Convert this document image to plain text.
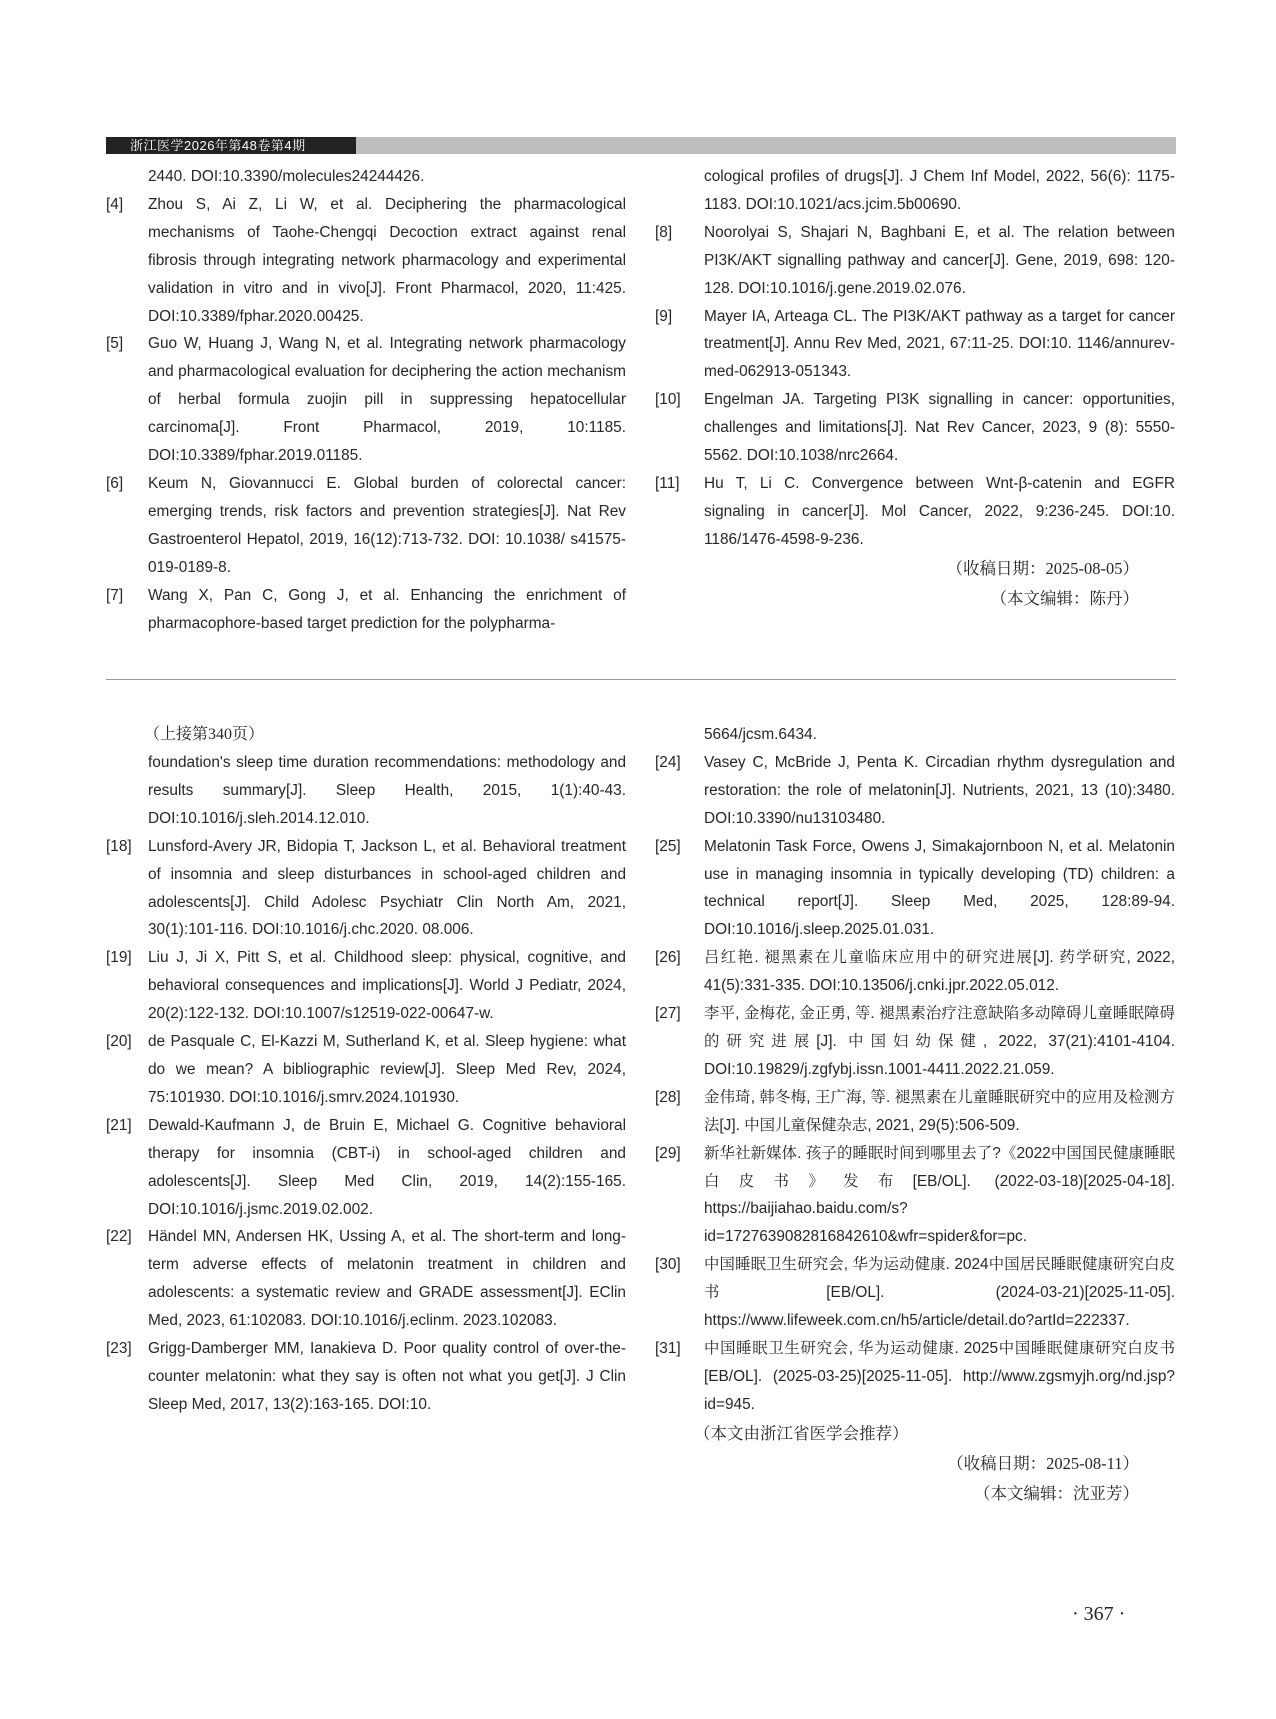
浙江医学2026年第48卷第4期
2440. DOI:10.3390/molecules24244426.
[4] Zhou S, Ai Z, Li W, et al. Deciphering the pharmacological mechanisms of Taohe-Chengqi Decoction extract against renal fibrosis through integrating network pharmacology and experimental validation in vitro and in vivo[J]. Front Pharmacol, 2020, 11:425. DOI:10.3389/fphar.2020.00425.
[5] Guo W, Huang J, Wang N, et al. Integrating network pharmacology and pharmacological evaluation for deciphering the action mechanism of herbal formula zuojin pill in suppressing hepatocellular carcinoma[J]. Front Pharmacol, 2019, 10:1185. DOI:10.3389/fphar.2019.01185.
[6] Keum N, Giovannucci E. Global burden of colorectal cancer: emerging trends, risk factors and prevention strategies[J]. Nat Rev Gastroenterol Hepatol, 2019, 16(12):713-732. DOI: 10.1038/ s41575-019-0189-8.
[7] Wang X, Pan C, Gong J, et al. Enhancing the enrichment of pharmacophore-based target prediction for the polypharma-
cological profiles of drugs[J]. J Chem Inf Model, 2022, 56(6): 1175-1183. DOI:10.1021/acs.jcim.5b00690.
[8] Noorolyai S, Shajari N, Baghbani E, et al. The relation between PI3K/AKT signalling pathway and cancer[J]. Gene, 2019, 698: 120-128. DOI:10.1016/j.gene.2019.02.076.
[9] Mayer IA, Arteaga CL. The PI3K/AKT pathway as a target for cancer treatment[J]. Annu Rev Med, 2021, 67:11-25. DOI:10. 1146/annurev-med-062913-051343.
[10] Engelman JA. Targeting PI3K signalling in cancer: opportunities, challenges and limitations[J]. Nat Rev Cancer, 2023, 9 (8): 5550-5562. DOI:10.1038/nrc2664.
[11] Hu T, Li C. Convergence between Wnt-β-catenin and EGFR signaling in cancer[J]. Mol Cancer, 2022, 9:236-245. DOI:10. 1186/1476-4598-9-236.
（收稿日期：2025-08-05）
（本文编辑：陈丹）
（上接第340页）
foundation's sleep time duration recommendations: methodology and results summary[J]. Sleep Health, 2015, 1(1):40-43. DOI:10.1016/j.sleh.2014.12.010.
[18] Lunsford-Avery JR, Bidopia T, Jackson L, et al. Behavioral treatment of insomnia and sleep disturbances in school-aged children and adolescents[J]. Child Adolesc Psychiatr Clin North Am, 2021, 30(1):101-116. DOI:10.1016/j.chc.2020. 08.006.
[19] Liu J, Ji X, Pitt S, et al. Childhood sleep: physical, cognitive, and behavioral consequences and implications[J]. World J Pediatr, 2024, 20(2):122-132. DOI:10.1007/s12519-022-00647-w.
[20] de Pasquale C, El-Kazzi M, Sutherland K, et al. Sleep hygiene: what do we mean? A bibliographic review[J]. Sleep Med Rev, 2024, 75:101930. DOI:10.1016/j.smrv.2024.101930.
[21] Dewald-Kaufmann J, de Bruin E, Michael G. Cognitive behavioral therapy for insomnia (CBT-i) in school-aged children and adolescents[J]. Sleep Med Clin, 2019, 14(2):155-165. DOI:10.1016/j.jsmc.2019.02.002.
[22] Händel MN, Andersen HK, Ussing A, et al. The short-term and long-term adverse effects of melatonin treatment in children and adolescents: a systematic review and GRADE assessment[J]. EClin Med, 2023, 61:102083. DOI:10.1016/j.eclinm. 2023.102083.
[23] Grigg-Damberger MM, Ianakieva D. Poor quality control of over-the-counter melatonin: what they say is often not what you get[J]. J Clin Sleep Med, 2017, 13(2):163-165. DOI:10.
5664/jcsm.6434.
[24] Vasey C, McBride J, Penta K. Circadian rhythm dysregulation and restoration: the role of melatonin[J]. Nutrients, 2021, 13 (10):3480. DOI:10.3390/nu13103480.
[25] Melatonin Task Force, Owens J, Simakajornboon N, et al. Melatonin use in managing insomnia in typically developing (TD) children: a technical report[J]. Sleep Med, 2025, 128:89-94. DOI:10.1016/j.sleep.2025.01.031.
[26] 吕红艳. 褪黑素在儿童临床应用中的研究进展[J]. 药学研究, 2022, 41(5):331-335. DOI:10.13506/j.cnki.jpr.2022.05.012.
[27] 李平, 金梅花, 金正勇, 等. 褪黑素治疗注意缺陷多动障碍儿童睡眠障碍的研究进展[J]. 中国妇幼保健, 2022, 37(21):4101-4104. DOI:10.19829/j.zgfybj.issn.1001-4411.2022.21.059.
[28] 金伟琦, 韩冬梅, 王广海, 等. 褪黑素在儿童睡眠研究中的应用及检测方法[J]. 中国儿童保健杂志, 2021, 29(5):506-509.
[29] 新华社新媒体. 孩子的睡眠时间到哪里去了?《2022中国国民健康睡眠白皮书》发布[EB/OL]. (2022-03-18)[2025-04-18]. https://baijiahao.baidu.com/s?id=1727639082816842610&wfr=spider&for=pc.
[30] 中国睡眠卫生研究会, 华为运动健康. 2024中国居民睡眠健康研究白皮书[EB/OL]. (2024-03-21)[2025-11-05]. https://www.lifeweek.com.cn/h5/article/detail.do?artId=222337.
[31] 中国睡眠卫生研究会, 华为运动健康. 2025中国睡眠健康研究白皮书[EB/OL]. (2025-03-25)[2025-11-05]. http://www.zgsmyjh.org/nd.jsp?id=945.
（本文由浙江省医学会推荐）
（收稿日期：2025-08-11）
（本文编辑：沈亚芳）
· 367 ·
